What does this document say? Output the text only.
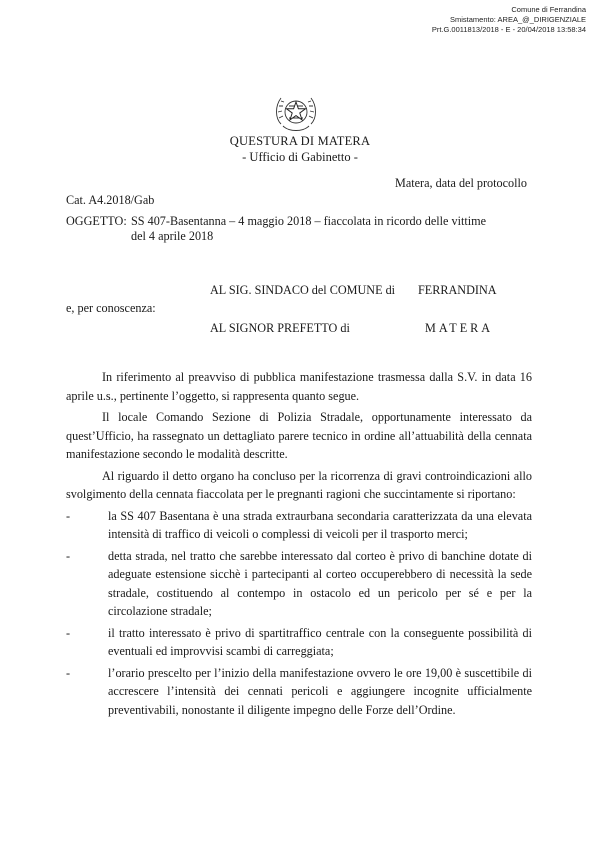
Comune di Ferrandina
Smistamento: AREA_@_DIRIGENZIALE
Prt.G.0011813/2018 - E - 20/04/2018 13:58:34
QUESTURA DI MATERA
- Ufficio di Gabinetto -
Matera, data del protocollo
Cat. A4.2018/Gab
OGGETTO: SS 407-Basentanna – 4 maggio 2018 – fiaccolata in ricordo delle vittime
del 4 aprile 2018
AL SIG. SINDACO del COMUNE di FERRANDINA
e, per conoscenza:
AL SIGNOR PREFETTO di	MATERA

In riferimento al preavviso di pubblica manifestazione trasmessa dalla S.V. in data 16 aprile u.s., pertinente l’oggetto, si rappresenta quanto segue.

Il locale Comando Sezione di Polizia Stradale, opportunamente interessato da quest’Ufficio, ha rassegnato un dettagliato parere tecnico in ordine all’attuabilità della cennata manifestazione secondo le modalità descritte.

Al riguardo il detto organo ha concluso per la ricorrenza di gravi controindicazioni allo svolgimento della cennata fiaccolata per le pregnanti ragioni che succintamente si riportano:

-	la SS 407 Basentana è una strada extraurbana secondaria caratterizzata da una elevata intensità di traffico di veicoli o complessi di veicoli per il trasporto merci;
-	detta strada, nel tratto che sarebbe interessato dal corteo è privo di banchine dotate di adeguate estensione sicchè i partecipanti al corteo occuperebbero di necessità la sede stradale, costituendo al contempo in ostacolo ed un pericolo per sé e per la circolazione stradale;
-	il tratto interessato è privo di spartitraffico centrale con la conseguente possibilità di eventuali ed improvvisi scambi di carreggiata;
-	l’orario prescelto per l’inizio della manifestazione ovvero le ore 19,00 è suscettibile di accrescere l’intensità dei cennati pericoli e aggiungere incognite ufficialmente preventivabili, nonostante il diligente impegno delle Forze dell’Ordine.
